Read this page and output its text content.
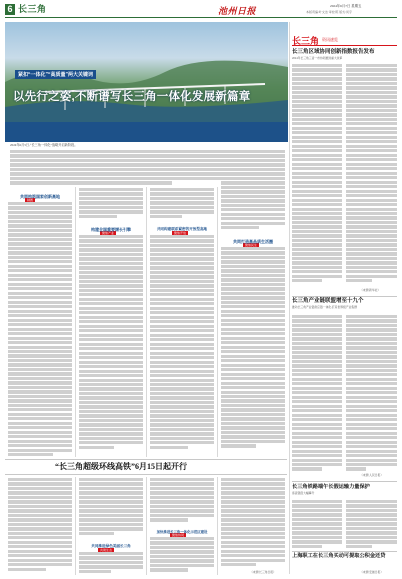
6 长三角	池州日报	2024年6月7日 星期五
本版责编:叶文洁 审校:陈 版式:何宇
紧扣“一体化”“高质量”两大关键词
以先行之姿,不断谱写长三角一体化发展新篇章
2024年6月5日,“长三角一体化”战略开启新阶段。
长三角 资讯速览
长三角区域协同创新指数报告发布
2024年长三角三省一市协同推进重大改革
（来源:新华社）
长三角产业链联盟增至十九个
推动长三角产业链供应链一体化,打造世界级产业集群
（来源:人民日报）
长三角铁路端午长假运输力量保护
客流强度大幅攀升
上海职工在长三角买动可提取公积金还贷
（来源:安徽日报）
制图
共同构筑国家创新高地
聚焦产业
构建全国重要增长引擎
聚焦开放
共同构建联系紧密的开放型高地
聚焦民生
共同打造高品质生活圈
“长三角超级环线高铁”6月15日起开行
共建生态
共同推进绿色美丽长三角
聚焦协同
加快推进长三角一体化示范区建设
（来源:长三角日报）
